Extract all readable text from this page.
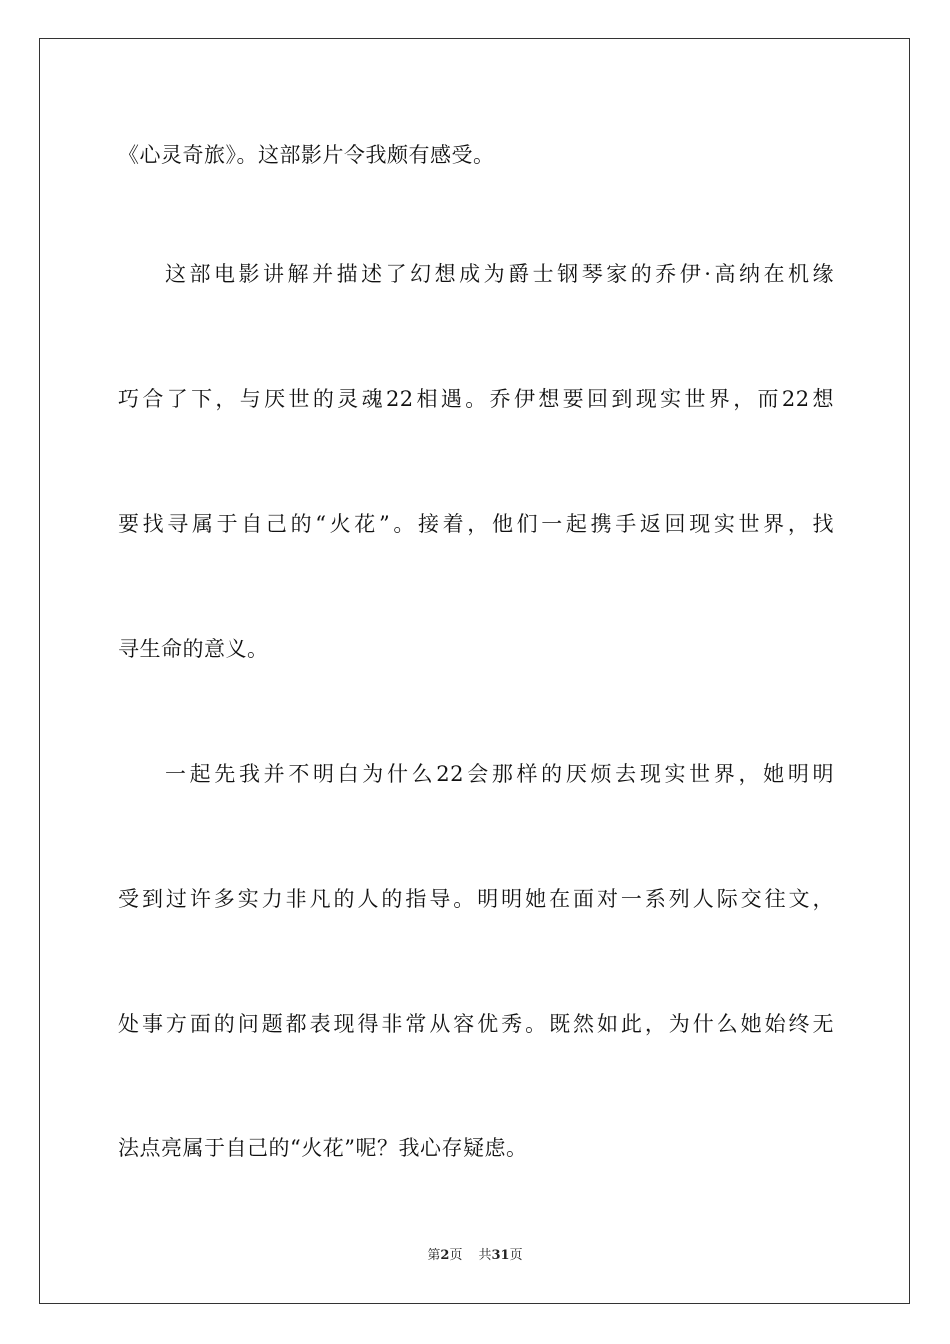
《心灵奇旅》。这部影片令我颇有感受。
这部电影讲解并描述了幻想成为爵士钢琴家的乔伊·高纳在机缘
巧合了下，与厌世的灵魂22相遇。乔伊想要回到现实世界，而22想
要找寻属于自己的“火花”。接着，他们一起携手返回现实世界，找
寻生命的意义。
一起先我并不明白为什么22会那样的厌烦去现实世界，她明明
受到过许多实力非凡的人的指导。明明她在面对一系列人际交往文，
处事方面的问题都表现得非常从容优秀。既然如此，为什么她始终无
法点亮属于自己的“火花”呢？我心存疑虑。
第2页 共31页
